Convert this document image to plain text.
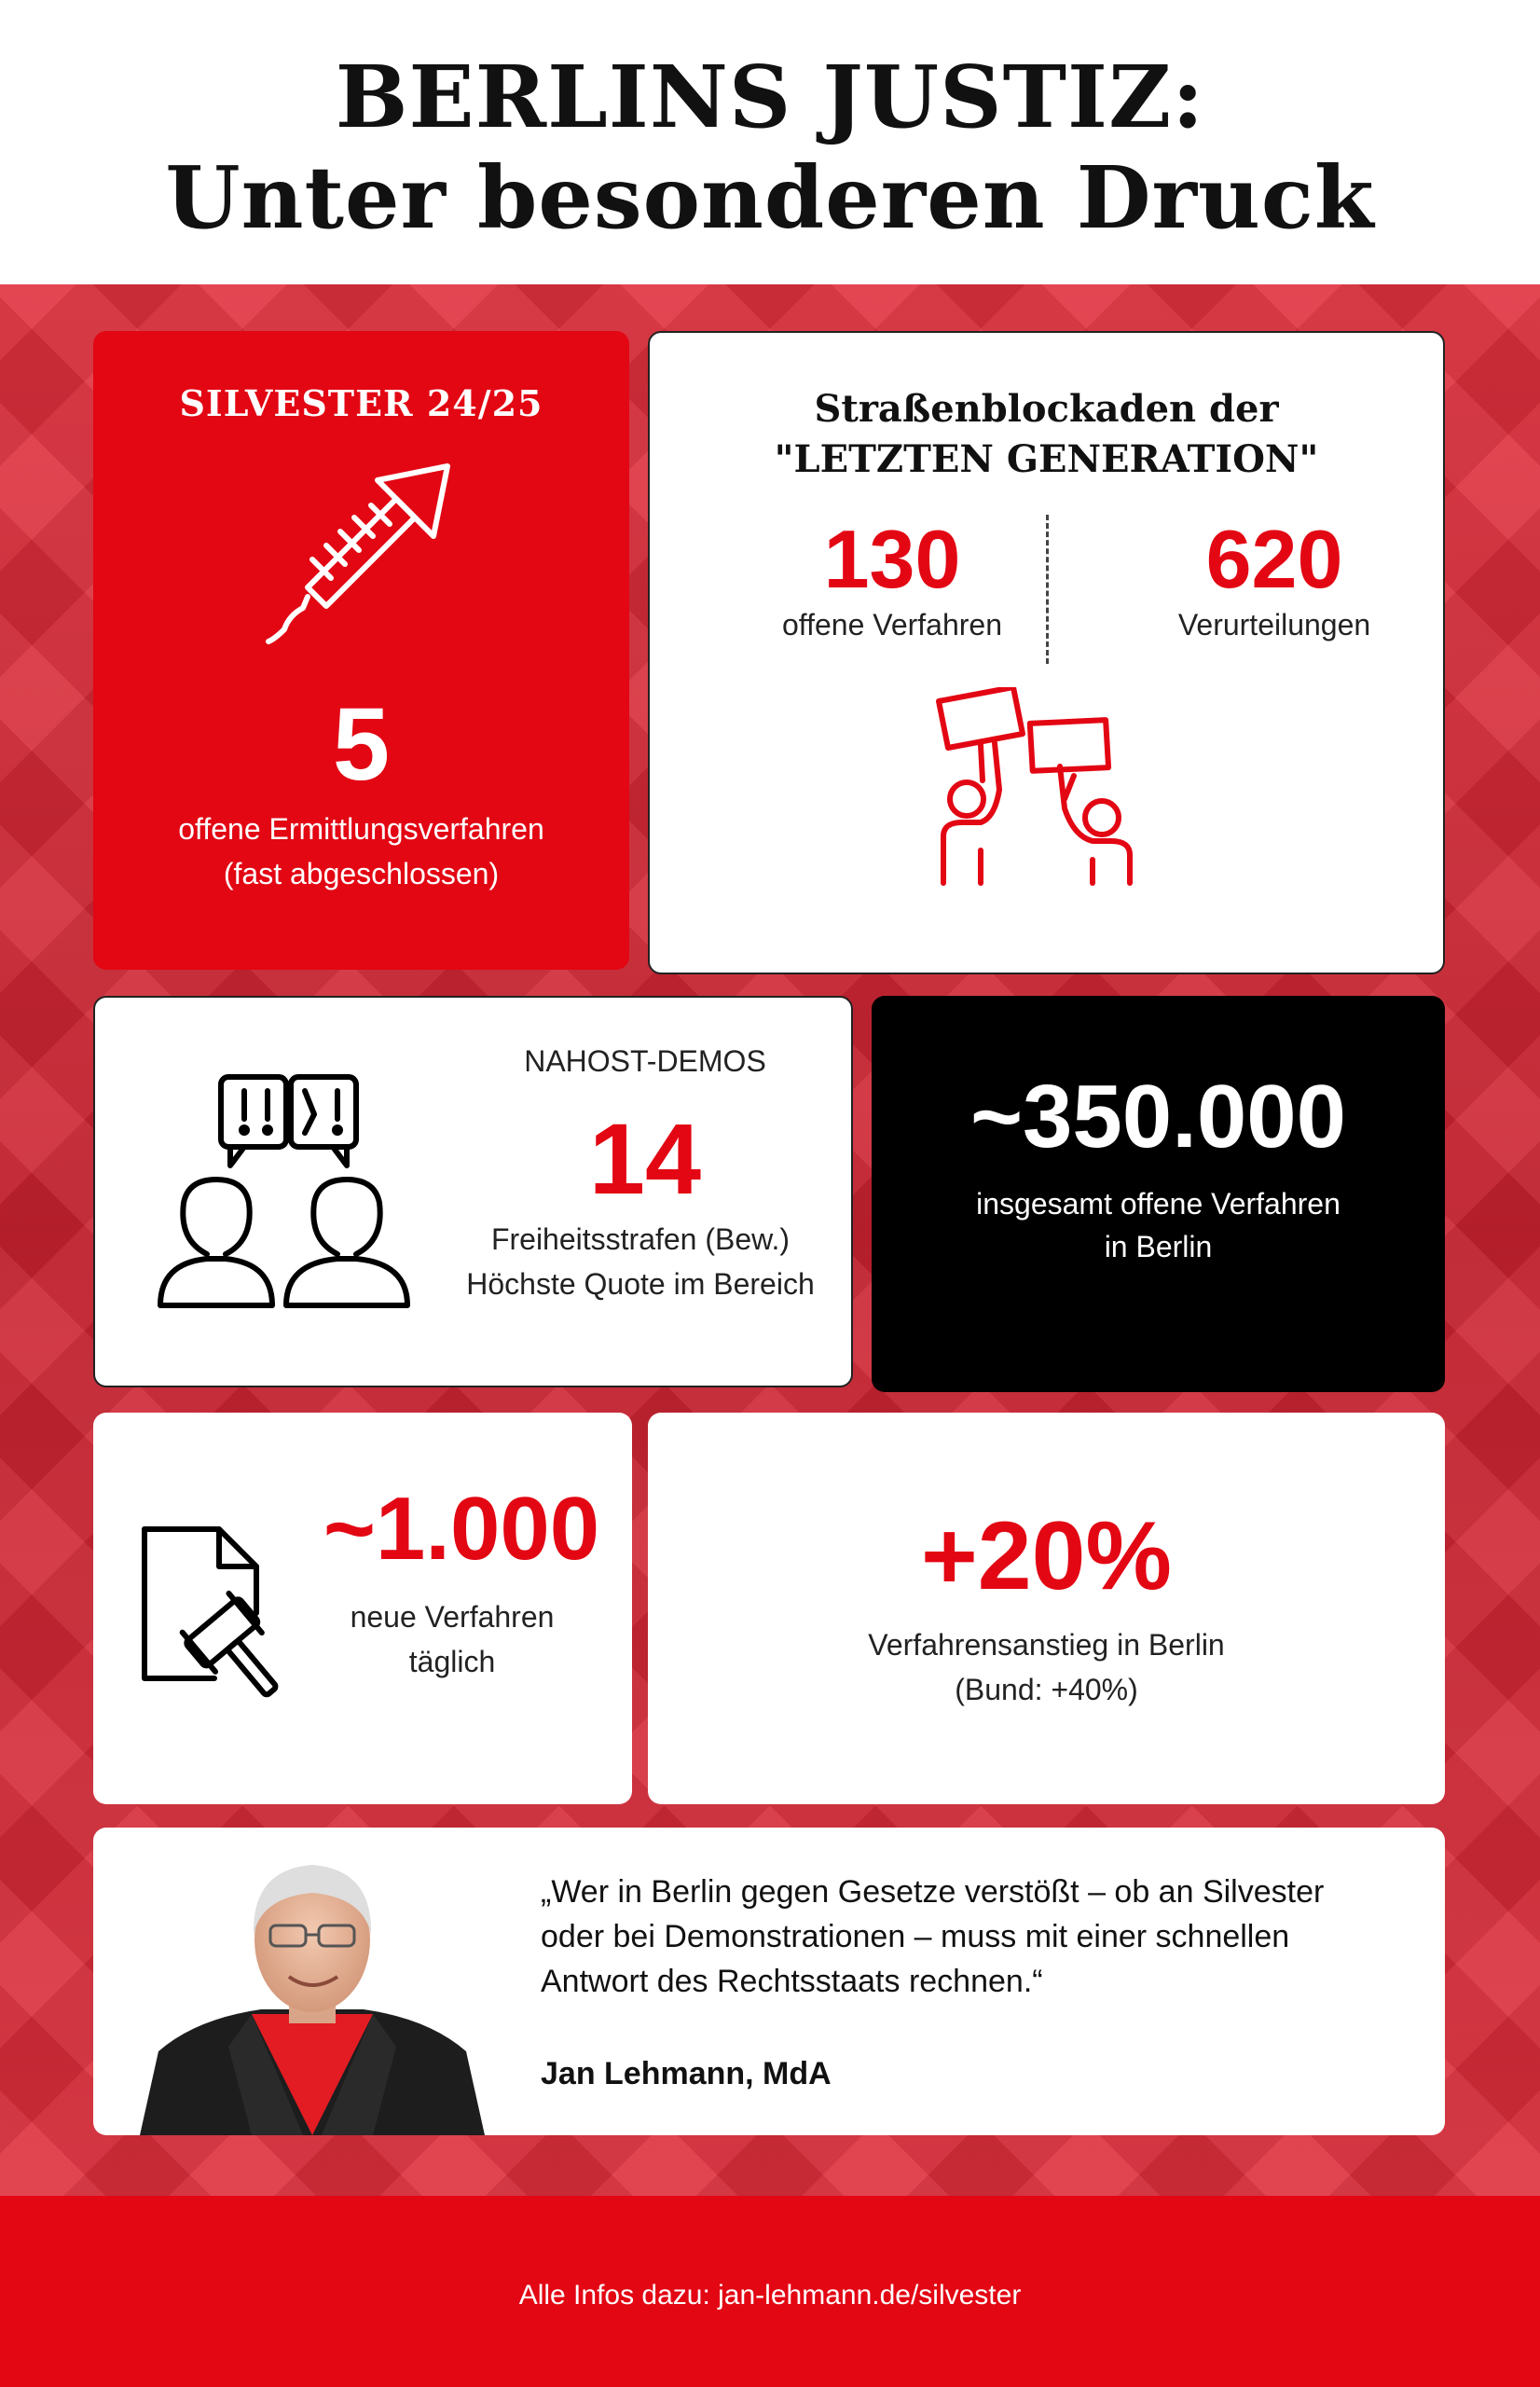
BERLINS JUSTIZ:
Unter besonderen Druck
SILVESTER 24/25
5
offene Ermittlungsverfahren
(fast abgeschlossen)
Straßenblockaden der
"LETZTEN GENERATION"
130
offene Verfahren
620
Verurteilungen
NAHOST-DEMOS
14
Freiheitsstrafen (Bew.)
Höchste Quote im Bereich
~350.000
insgesamt offene Verfahren
in Berlin
~1.000
neue Verfahren
täglich
+20%
Verfahrensanstieg in Berlin
(Bund: +40%)
„Wer in Berlin gegen Gesetze verstößt – ob an Silvester
oder bei Demonstrationen – muss mit einer schnellen
Antwort des Rechtsstaats rechnen.“
Jan Lehmann, MdA
Alle Infos dazu: jan-lehmann.de/silvester
